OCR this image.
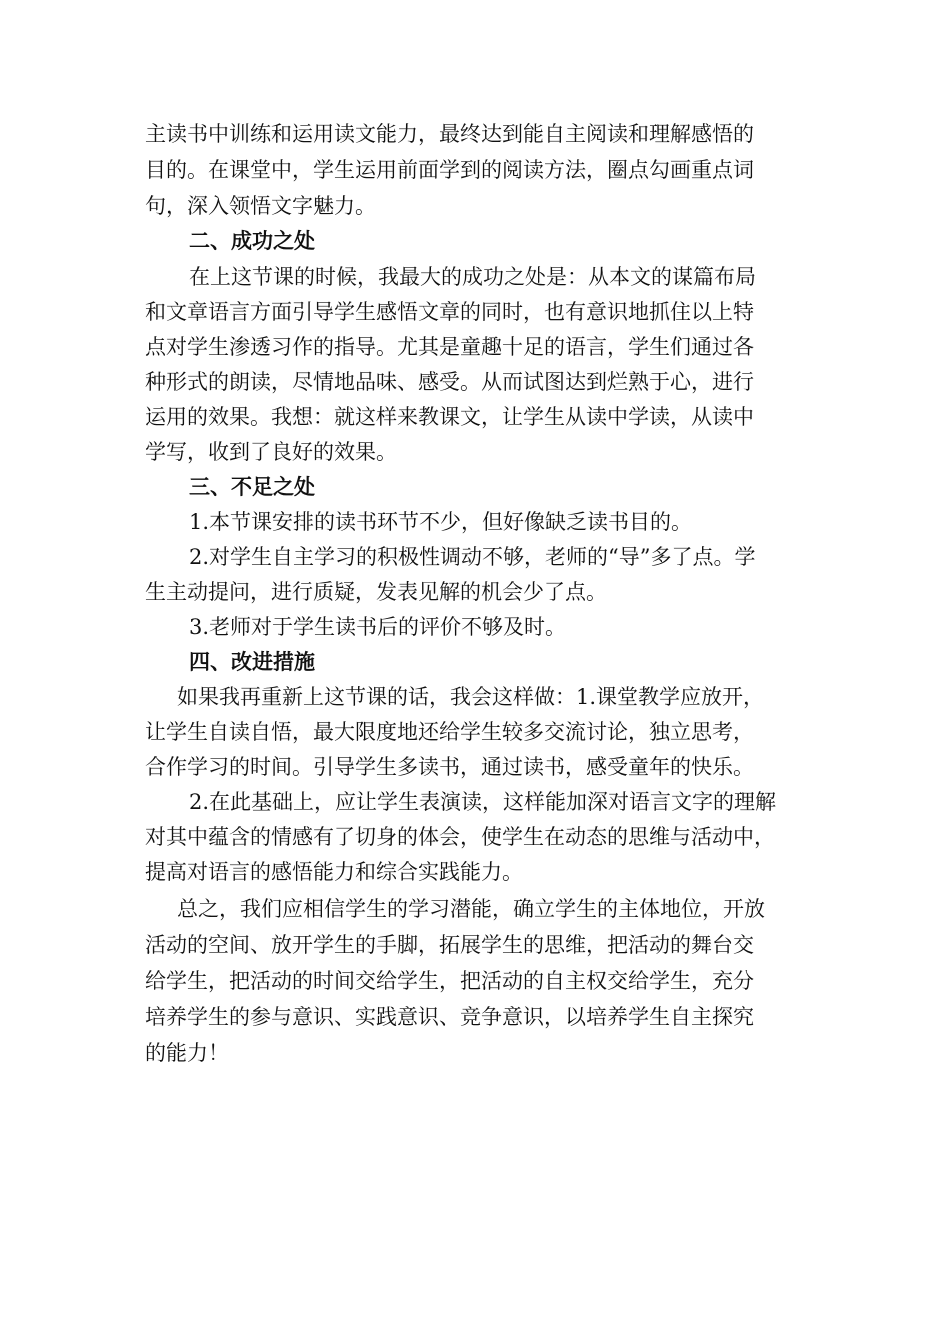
主读书中训练和运用读文能力，最终达到能自主阅读和理解感悟的
目的。在课堂中，学生运用前面学到的阅读方法，圈点勾画重点词
句，深入领悟文字魅力。
二、成功之处
在上这节课的时候，我最大的成功之处是：从本文的谋篇布局
和文章语言方面引导学生感悟文章的同时，也有意识地抓住以上特
点对学生渗透习作的指导。尤其是童趣十足的语言，学生们通过各
种形式的朗读，尽情地品味、感受。从而试图达到烂熟于心，进行
运用的效果。我想：就这样来教课文，让学生从读中学读，从读中
学写，收到了良好的效果。
三、不足之处
1.本节课安排的读书环节不少，但好像缺乏读书目的。
2.对学生自主学习的积极性调动不够，老师的“导”多了点。学
生主动提问，进行质疑，发表见解的机会少了点。
3.老师对于学生读书后的评价不够及时。
四、改进措施
如果我再重新上这节课的话，我会这样做：1.课堂教学应放开，
让学生自读自悟，最大限度地还给学生较多交流讨论，独立思考，
合作学习的时间。引导学生多读书，通过读书，感受童年的快乐。
2.在此基础上，应让学生表演读，这样能加深对语言文字的理解
对其中蕴含的情感有了切身的体会，使学生在动态的思维与活动中，
提高对语言的感悟能力和综合实践能力。
总之，我们应相信学生的学习潜能，确立学生的主体地位，开放
活动的空间、放开学生的手脚，拓展学生的思维，把活动的舞台交
给学生，把活动的时间交给学生，把活动的自主权交给学生，充分
培养学生的参与意识、实践意识、竞争意识，以培养学生自主探究
的能力！
